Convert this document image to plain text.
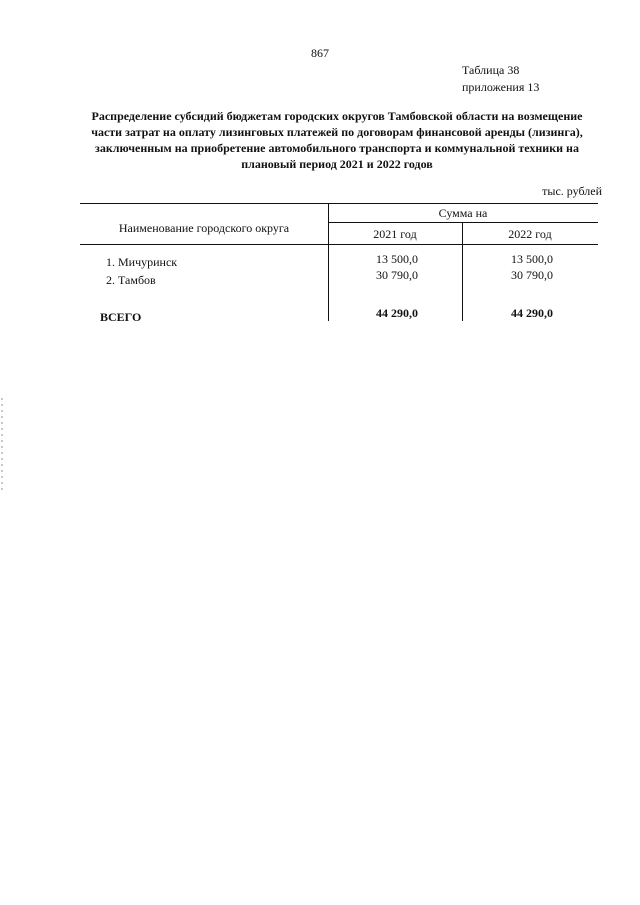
867
Таблица 38
приложения 13
Распределение субсидий бюджетам городских округов Тамбовской области на возмещение
части затрат на оплату лизинговых платежей по договорам финансовой аренды (лизинга),
заключенным на приобретение автомобильного транспорта и коммунальной техники на
плановый период 2021 и 2022 годов
тыс. рублей
Наименование городского округа
Сумма на
2021 год	2022 год
1. Мичуринск	13 500,0	13 500,0
2. Тамбов	30 790,0	30 790,0
ВСЕГО	44 290,0	44 290,0
